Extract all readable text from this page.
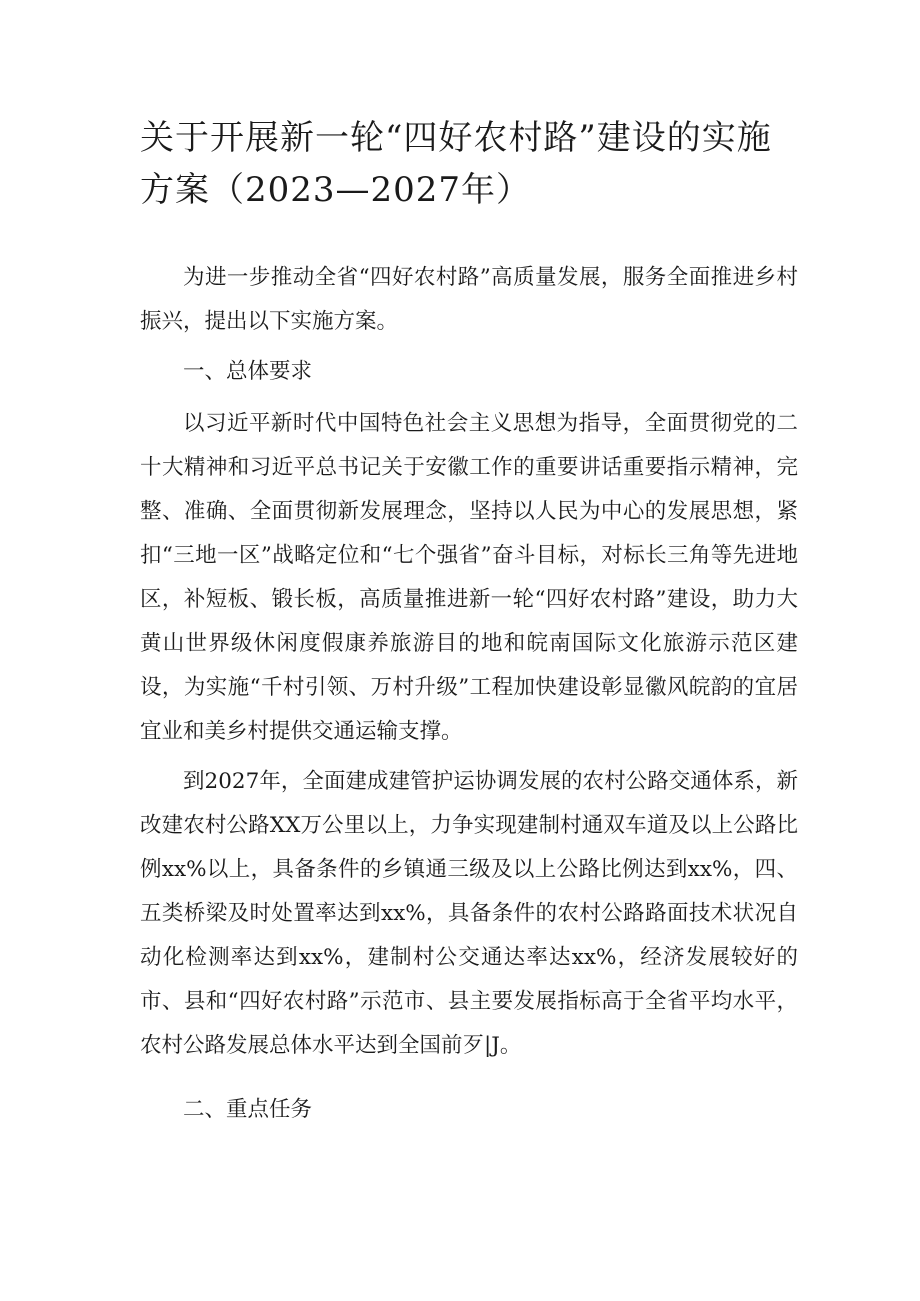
关于开展新一轮“四好农村路”建设的实施方案（2023—2027年）

为进一步推动全省“四好农村路”高质量发展，服务全面推进乡村振兴，提出以下实施方案。

一、总体要求

以习近平新时代中国特色社会主义思想为指导，全面贯彻党的二十大精神和习近平总书记关于安徽工作的重要讲话重要指示精神，完整、准确、全面贯彻新发展理念，坚持以人民为中心的发展思想，紧扣“三地一区”战略定位和“七个强省”奋斗目标，对标长三角等先进地区，补短板、锻长板，高质量推进新一轮“四好农村路”建设，助力大黄山世界级休闲度假康养旅游目的地和皖南国际文化旅游示范区建设，为实施“千村引领、万村升级”工程加快建设彰显徽风皖韵的宜居宜业和美乡村提供交通运输支撑。

到2027年，全面建成建管护运协调发展的农村公路交通体系，新改建农村公路XX万公里以上，力争实现建制村通双车道及以上公路比例xx%以上，具备条件的乡镇通三级及以上公路比例达到xx%，四、五类桥梁及时处置率达到xx%，具备条件的农村公路路面技术状况自动化检测率达到xx%，建制村公交通达率达xx%，经济发展较好的市、县和“四好农村路”示范市、县主要发展指标高于全省平均水平，农村公路发展总体水平达到全国前歹|J。

二、重点任务
